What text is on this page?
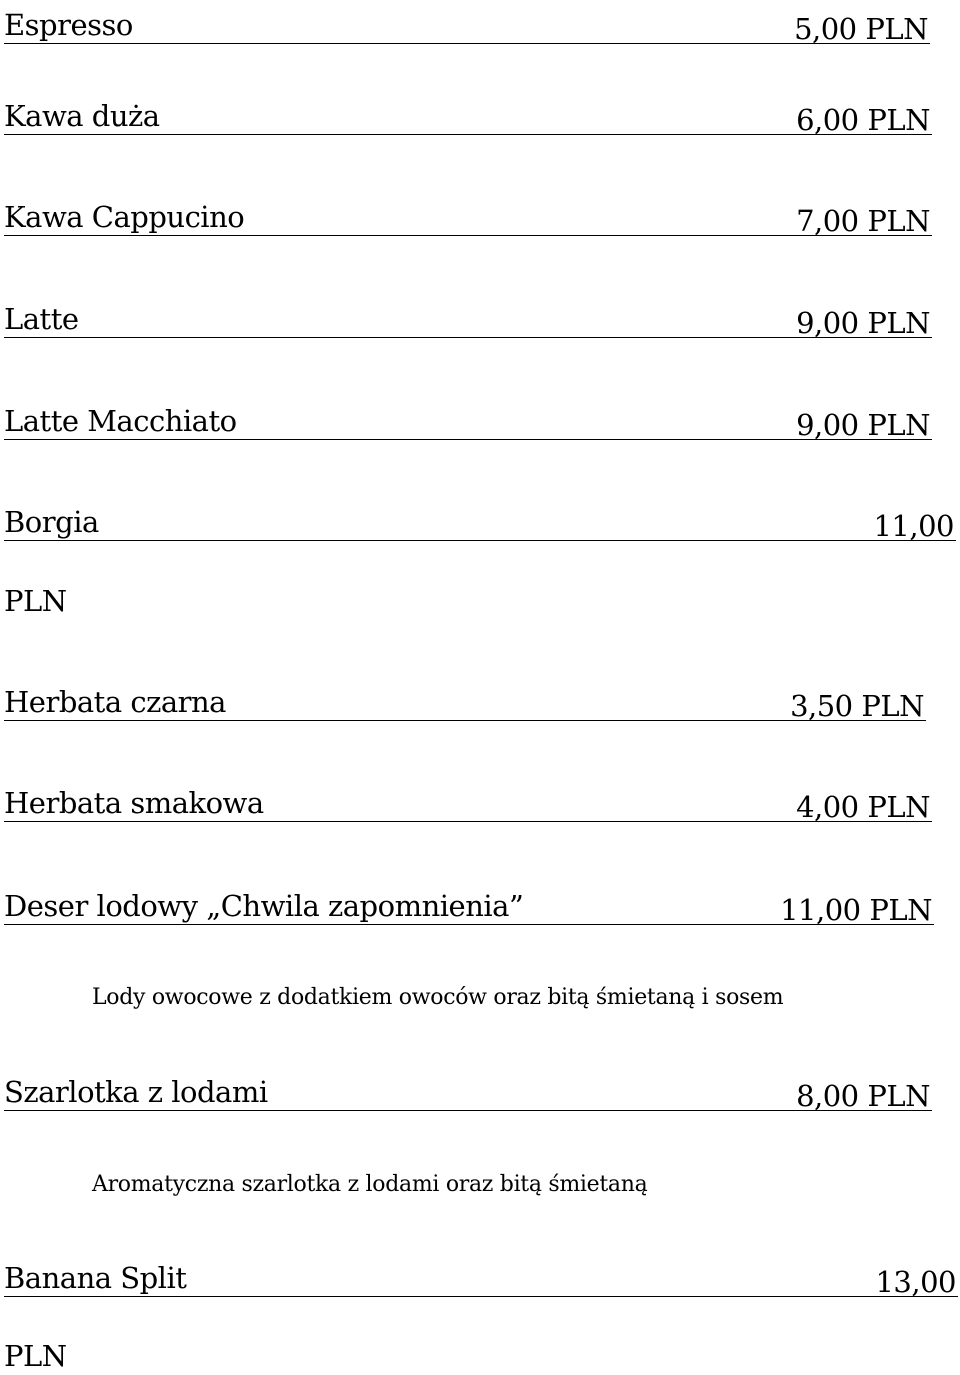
Espresso	5,00 PLN
Kawa duża	6,00 PLN
Kawa Cappucino	7,00 PLN
Latte	9,00 PLN
Latte Macchiato	9,00 PLN
Borgia	11,00
PLN
Herbata czarna	3,50 PLN
Herbata smakowa	4,00 PLN
Deser lodowy „Chwila zapomnienia”	11,00 PLN
Lody owocowe z dodatkiem owoców oraz bitą śmietaną i sosem
Szarlotka z lodami	8,00 PLN
Aromatyczna szarlotka z lodami oraz bitą śmietaną
Banana Split	13,00
PLN
